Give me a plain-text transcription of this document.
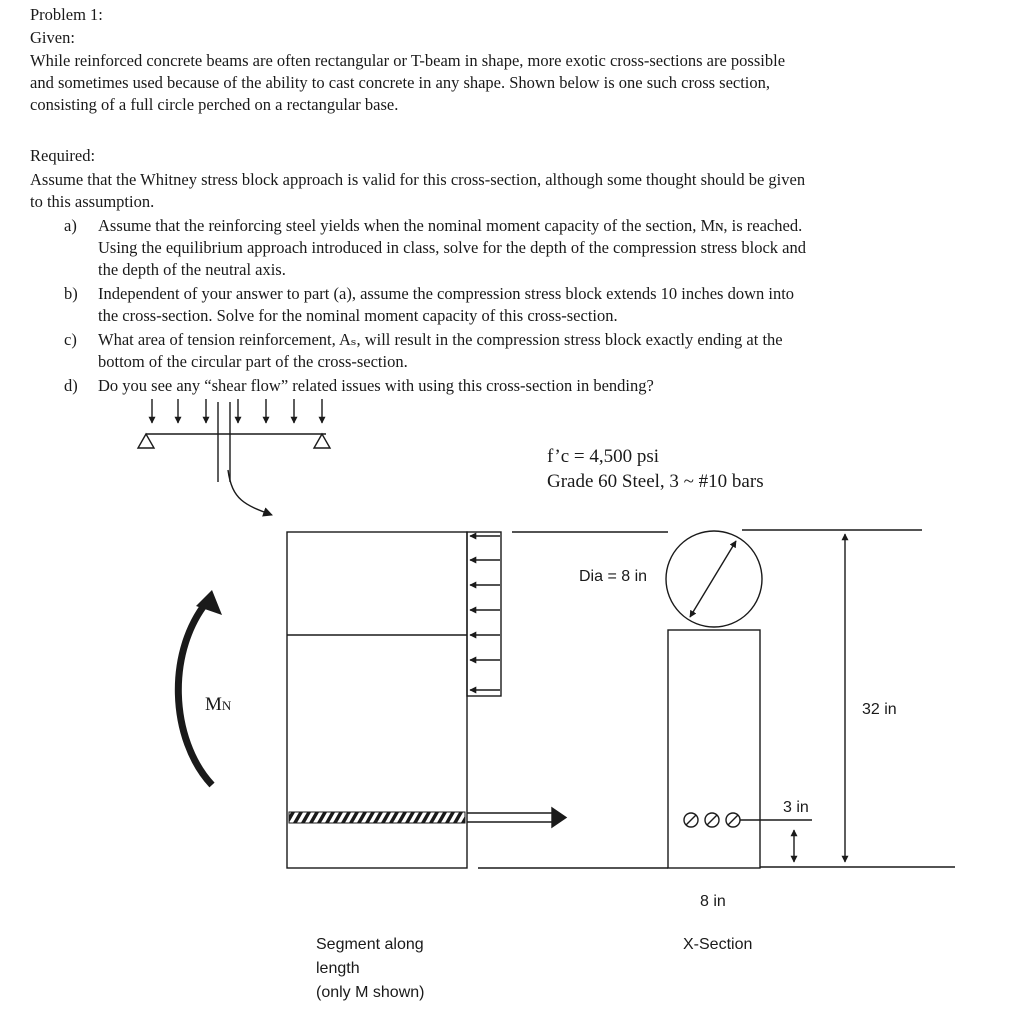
Problem 1:
Given:
While reinforced concrete beams are often rectangular or T-beam in shape, more exotic cross-sections are possible
and sometimes used because of the ability to cast concrete in any shape. Shown below is one such cross section,
consisting of a full circle perched on a rectangular base.
Required:
Assume that the Whitney stress block approach is valid for this cross-section, although some thought should be given
to this assumption.
a) Assume that the reinforcing steel yields when the nominal moment capacity of the section, Mɴ, is reached.
Using the equilibrium approach introduced in class, solve for the depth of the compression stress block and
the depth of the neutral axis.
b) Independent of your answer to part (a), assume the compression stress block extends 10 inches down into
the cross-section. Solve for the nominal moment capacity of this cross-section.
c) What area of tension reinforcement, Aₛ, will result in the compression stress block exactly ending at the
bottom of the circular part of the cross-section.
d) Do you see any “shear flow” related issues with using this cross-section in bending?
f’c = 4,500 psi
Grade 60 Steel, 3 ~ #10 bars
MN
Dia = 8 in
32 in
3 in
8 in
Segment along
length
(only M shown)
X-Section
